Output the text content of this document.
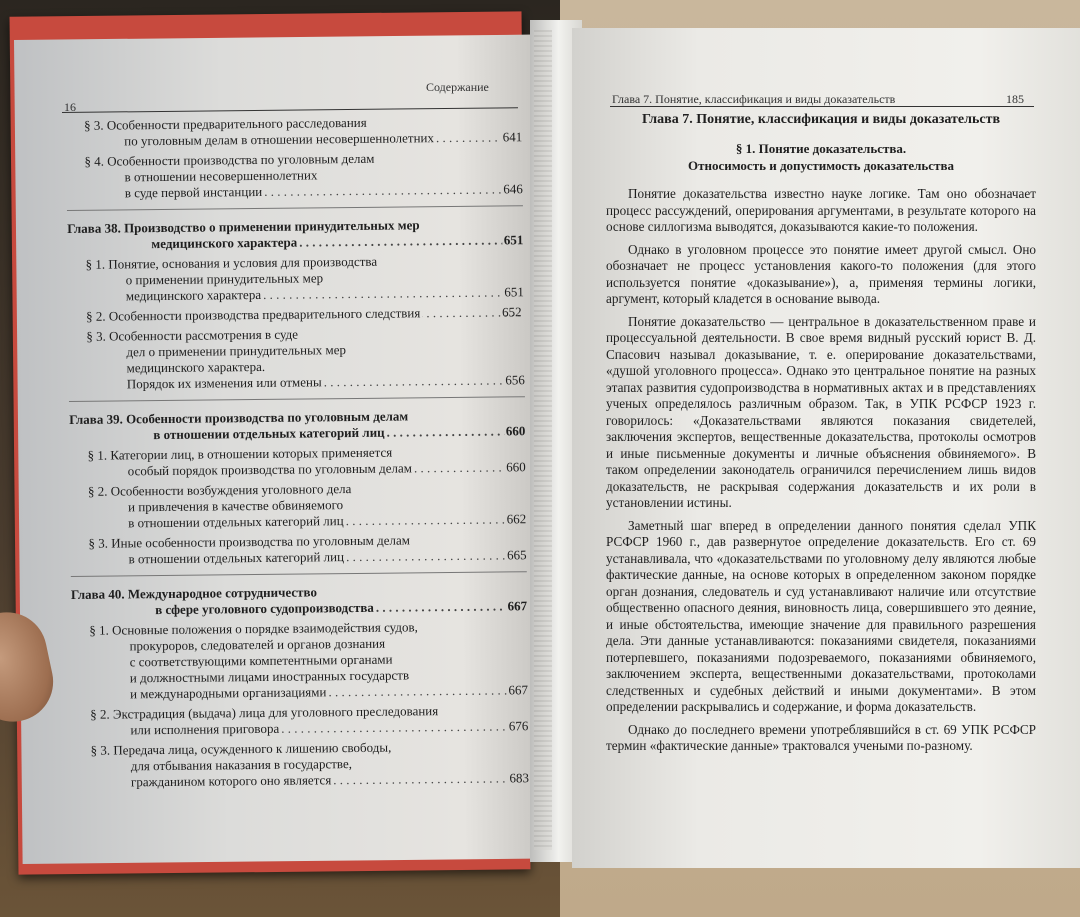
16
Содержание
§ 3. Особенности предварительного расследования
по уголовным делам в отношении несовершеннолетних . . .	641
§ 4. Особенности производства по уголовным делам
в отношении несовершеннолетних
в суде первой инстанции . . .	646
Глава 38. Производство о применении принудительных мер
медицинского характера . . .	651
§ 1. Понятие, основания и условия для производства
о применении принудительных мер
медицинского характера . . .	651
§ 2. Особенности производства предварительного следствия . . .	652
§ 3. Особенности рассмотрения в суде
дел о применении принудительных мер
медицинского характера.
Порядок их изменения или отмены . . .	656
Глава 39. Особенности производства по уголовным делам
в отношении отдельных категорий лиц . . .	660
§ 1. Категории лиц, в отношении которых применяется
особый порядок производства по уголовным делам . . .	660
§ 2. Особенности возбуждения уголовного дела
и привлечения в качестве обвиняемого
в отношении отдельных категорий лиц . . .	662
§ 3. Иные особенности производства по уголовным делам
в отношении отдельных категорий лиц . . .	665
Глава 40. Международное сотрудничество
в сфере уголовного судопроизводства . . .	667
§ 1. Основные положения о порядке взаимодействия судов,
прокуроров, следователей и органов дознания
с соответствующими компетентными органами
и должностными лицами иностранных государств
и международными организациями . . .	667
§ 2. Экстрадиция (выдача) лица для уголовного преследования
или исполнения приговора . . .	676
§ 3. Передача лица, осужденного к лишению свободы,
для отбывания наказания в государстве,
гражданином которого оно является . . .	683
Глава 7. Понятие, классификация и виды доказательств	185
Глава 7. Понятие, классификация и виды доказательств
§ 1. Понятие доказательства.
Относимость и допустимость доказательства

Понятие доказательства известно науке логике. Там оно обозначает процесс рассуждений, оперирования аргументами, в результате которого на основе силлогизма выводятся, доказываются какие-то положения.

Однако в уголовном процессе это понятие имеет другой смысл. Оно обозначает не процесс установления какого-то положения (для этого используется понятие «доказывание»), а, применяя термины логики, аргумент, который кладется в основание вывода.

Понятие доказательство — центральное в доказательственном праве и процессуальной деятельности. В свое время видный русский юрист В. Д. Спасович называл доказывание, т. е. оперирование доказательствами, «душой уголовного процесса». Однако это центральное понятие на разных этапах развития судопроизводства в нормативных актах и в представлениях ученых определялось различным образом. Так, в УПК РСФСР 1923 г. говорилось: «Доказательствами являются показания свидетелей, заключения экспертов, вещественные доказательства, протоколы осмотров и иные письменные документы и личные объяснения обвиняемого». В таком определении законодатель ограничился перечислением лишь видов доказательств, не раскрывая содержания доказательств и их роли в установлении истины.

Заметный шаг вперед в определении данного понятия сделал УПК РСФСР 1960 г., дав развернутое определение доказательств. Его ст. 69 устанавливала, что «доказательствами по уголовному делу являются любые фактические данные, на основе которых в определенном законом порядке орган дознания, следователь и суд устанавливают наличие или отсутствие общественно опасного деяния, виновность лица, совершившего это деяние, и иные обстоятельства, имеющие значение для правильного разрешения дела. Эти данные устанавливаются: показаниями свидетеля, показаниями потерпевшего, показаниями подозреваемого, показаниями обвиняемого, заключением эксперта, вещественными доказательствами, протоколами следственных и судебных действий и иными документами». В этом определении раскрывались и содержание, и форма доказательств.

Однако до последнего времени употреблявшийся в ст. 69 УПК РСФСР термин «фактические данные» трактовался учеными по-разному.
